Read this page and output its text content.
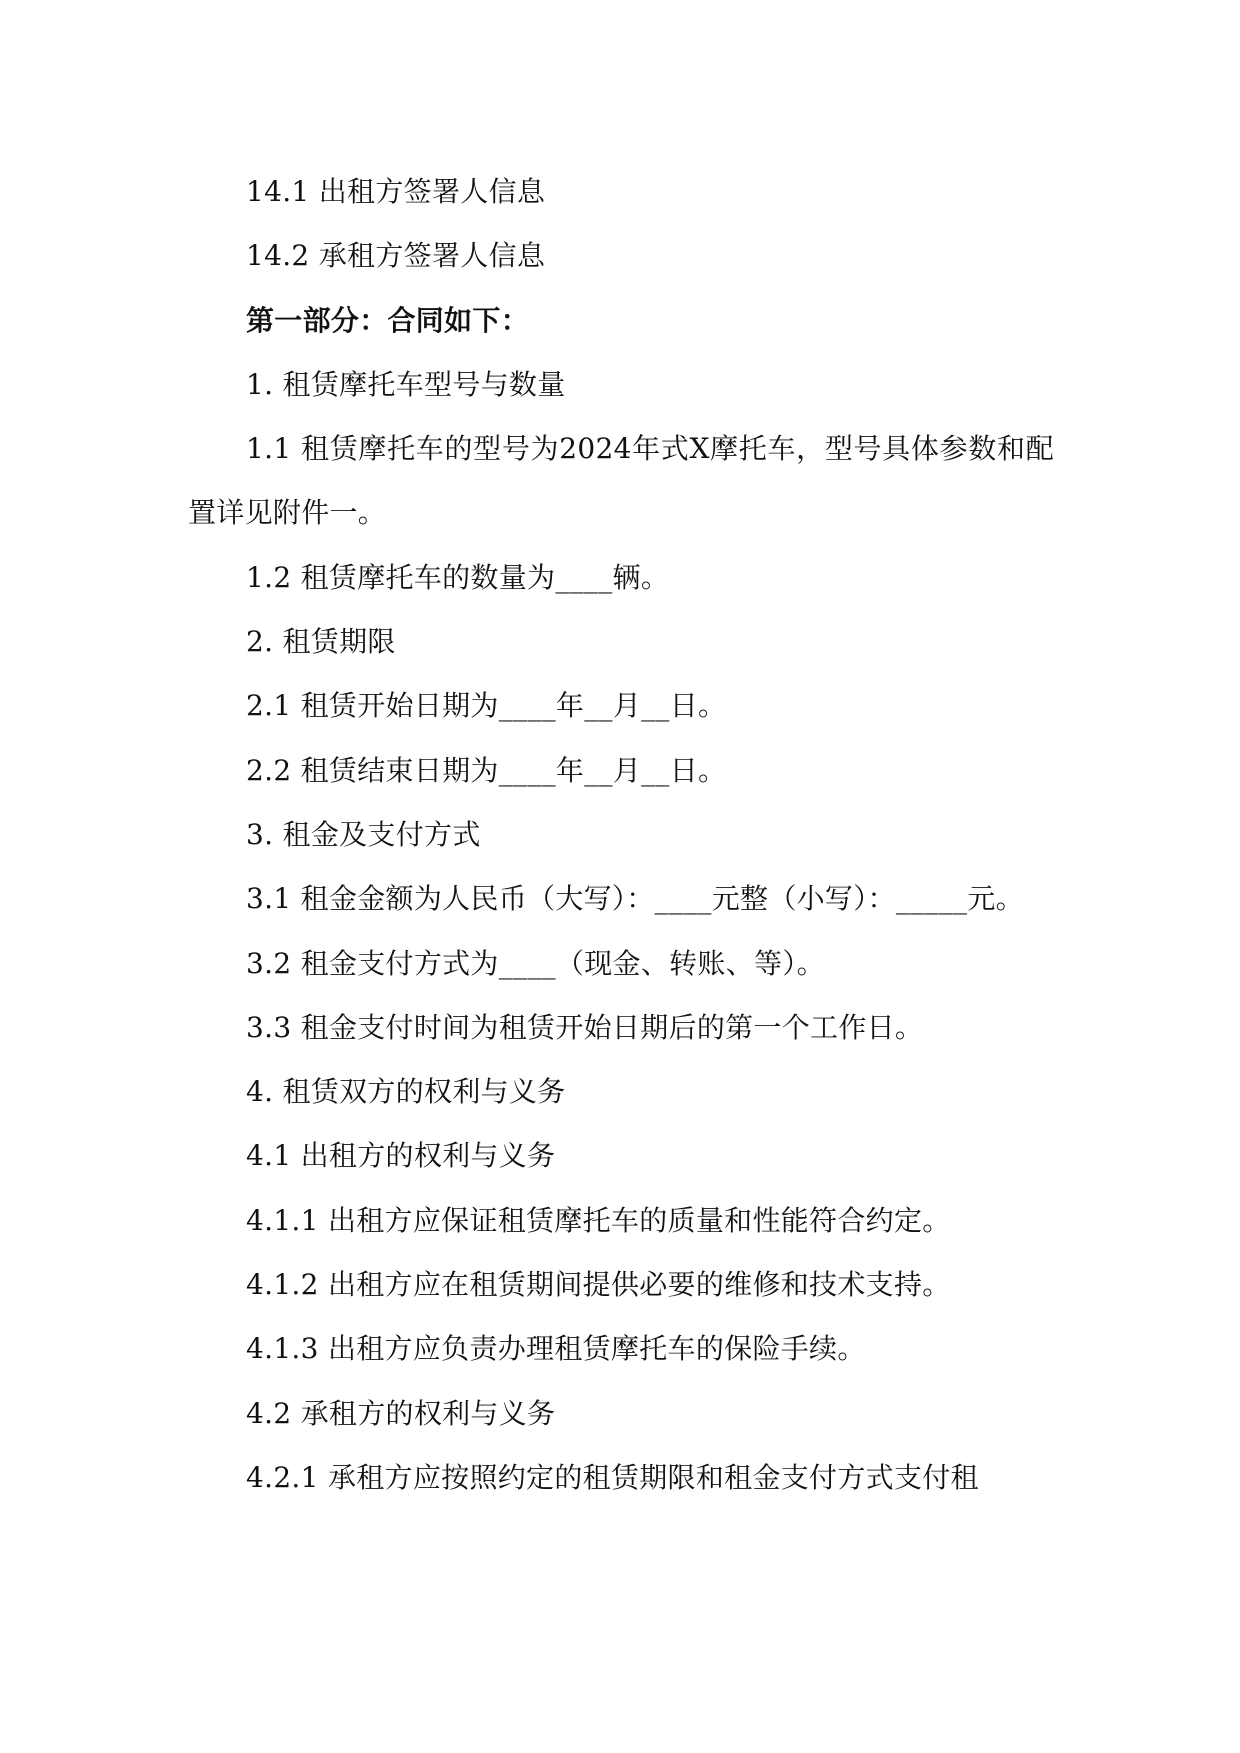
14.1 出租方签署人信息

14.2 承租方签署人信息

第一部分：合同如下：

1. 租赁摩托车型号与数量

1.1 租赁摩托车的型号为2024年式X摩托车，型号具体参数和配置详见附件一。

1.2 租赁摩托车的数量为____辆。

2. 租赁期限

2.1 租赁开始日期为____年__月__日。

2.2 租赁结束日期为____年__月__日。

3. 租金及支付方式

3.1 租金金额为人民币（大写）：____元整（小写）：_____元。

3.2 租金支付方式为____（现金、转账、等）。

3.3 租金支付时间为租赁开始日期后的第一个工作日。

4. 租赁双方的权利与义务

4.1 出租方的权利与义务

4.1.1 出租方应保证租赁摩托车的质量和性能符合约定。

4.1.2 出租方应在租赁期间提供必要的维修和技术支持。

4.1.3 出租方应负责办理租赁摩托车的保险手续。

4.2 承租方的权利与义务

4.2.1 承租方应按照约定的租赁期限和租金支付方式支付租
